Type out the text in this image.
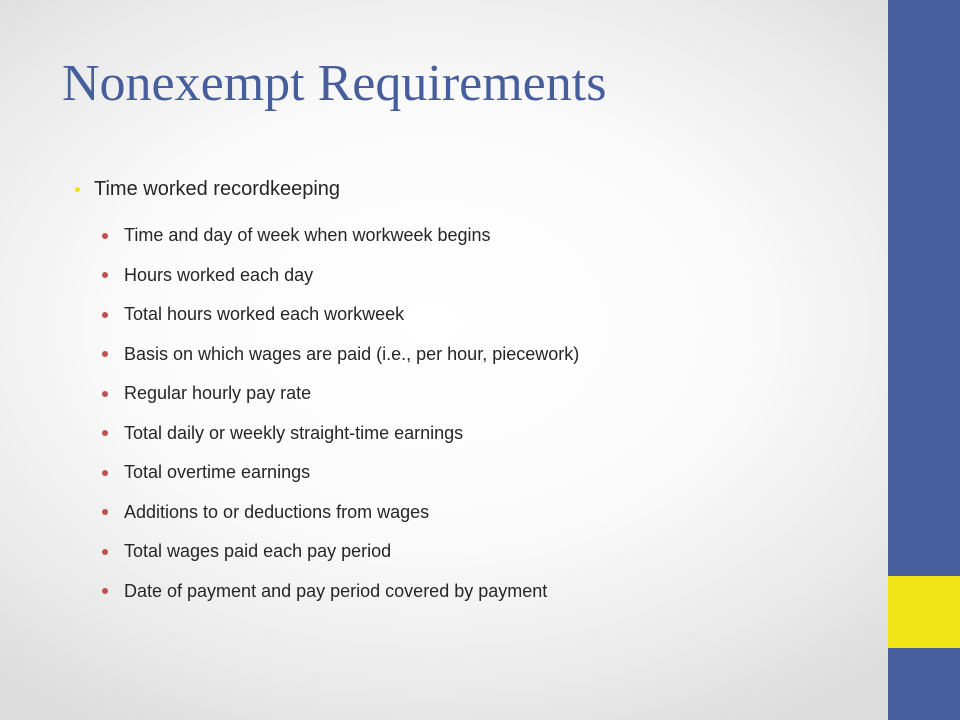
Nonexempt Requirements
Time worked recordkeeping
Time and day of week when workweek begins
Hours worked each day
Total hours worked each workweek
Basis on which wages are paid (i.e., per hour, piecework)
Regular hourly pay rate
Total daily or weekly straight-time earnings
Total overtime earnings
Additions to or deductions from wages
Total wages paid each pay period
Date of payment and pay period covered by payment
